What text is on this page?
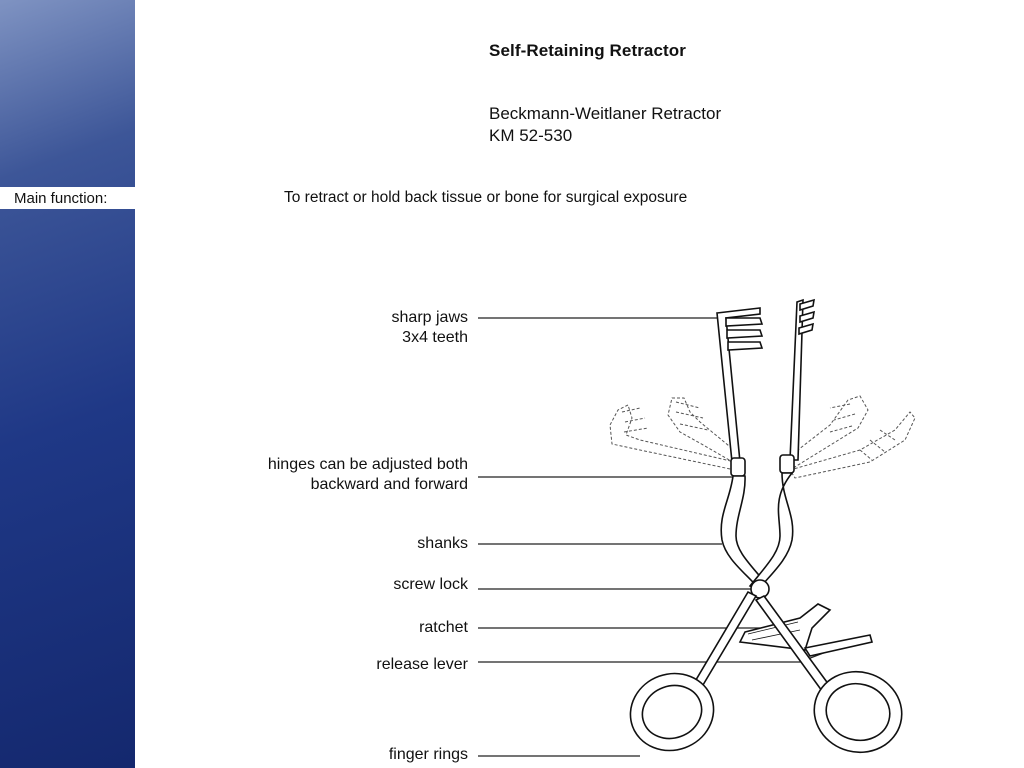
Main function:
Self-Retaining Retractor
Beckmann-Weitlaner Retractor
KM 52-530
To retract or hold back tissue or bone for surgical exposure
sharp jaws
3x4 teeth
hinges can be adjusted both
backward and forward
shanks
screw lock
ratchet
release lever
finger rings
